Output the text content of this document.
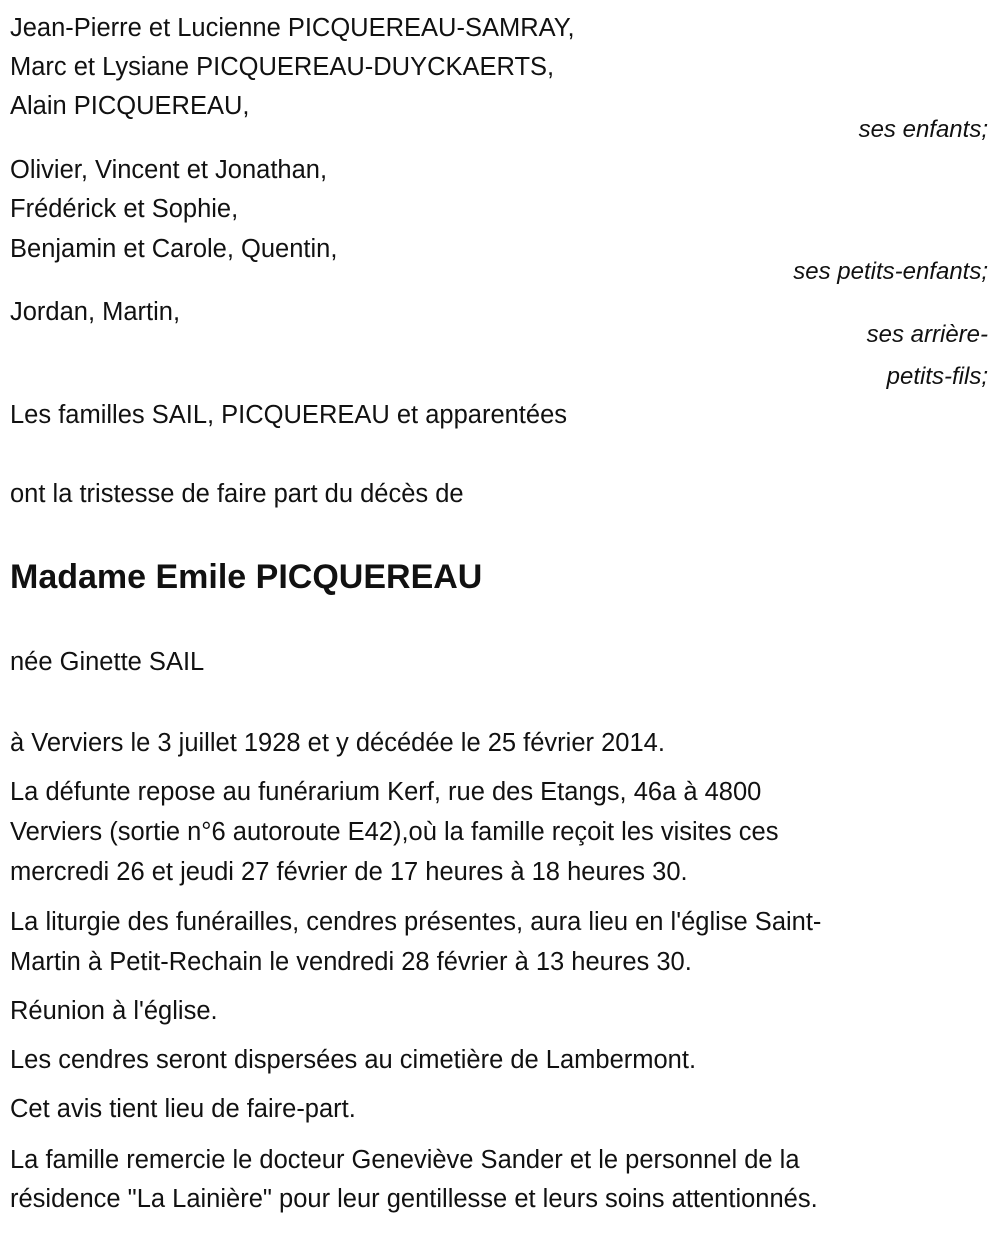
Jean-Pierre et Lucienne PICQUEREAU-SAMRAY,
Marc et Lysiane PICQUEREAU-DUYCKAERTS,
Alain PICQUEREAU,
ses enfants;
Olivier, Vincent et Jonathan,
Frédérick et Sophie,
Benjamin et Carole, Quentin,
ses petits-enfants;
Jordan, Martin,
ses arrière-
petits-fils;
Les familles SAIL, PICQUEREAU et apparentées
ont la tristesse de faire part du décès de
Madame Emile PICQUEREAU
née Ginette SAIL
à Verviers le 3 juillet 1928 et y décédée le 25 février 2014.
La défunte repose au funérarium Kerf, rue des Etangs, 46a à 4800
Verviers (sortie n°6 autoroute E42),où la famille reçoit les visites ces
mercredi 26 et jeudi 27 février de 17 heures à 18 heures 30.
La liturgie des funérailles, cendres présentes, aura lieu en l'église Saint-
Martin à Petit-Rechain le vendredi 28 février à 13 heures 30.
Réunion à l'église.
Les cendres seront dispersées au cimetière de Lambermont.
Cet avis tient lieu de faire-part.
La famille remercie le docteur Geneviève Sander et le personnel de la
résidence "La Lainière" pour leur gentillesse et leurs soins attentionnés.
